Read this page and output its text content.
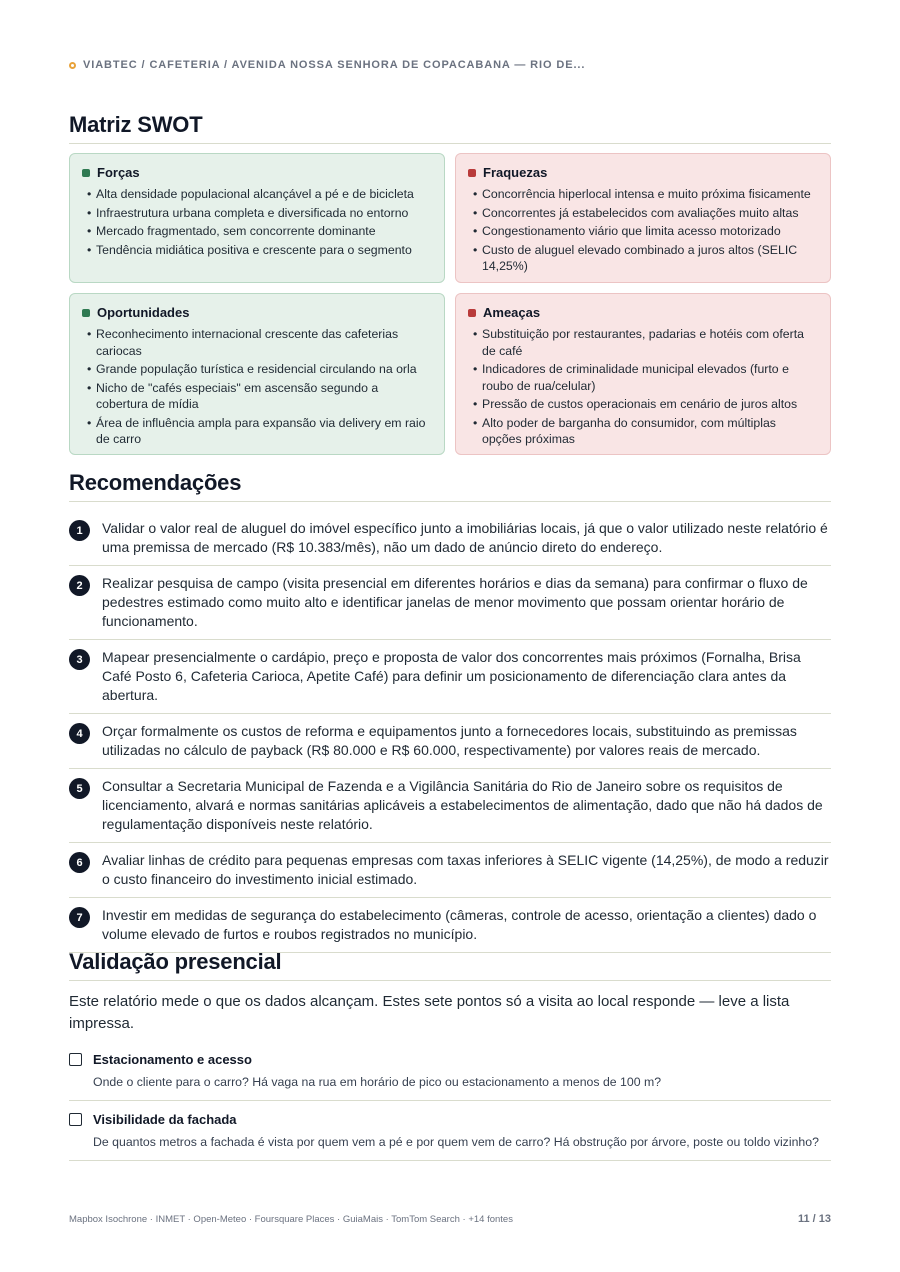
VIABTEC / CAFETERIA / AVENIDA NOSSA SENHORA DE COPACABANA — RIO DE...
Matriz SWOT
Forças
• Alta densidade populacional alcançável a pé e de bicicleta
• Infraestrutura urbana completa e diversificada no entorno
• Mercado fragmentado, sem concorrente dominante
• Tendência midiática positiva e crescente para o segmento
Fraquezas
• Concorrência hiperlocal intensa e muito próxima fisicamente
• Concorrentes já estabelecidos com avaliações muito altas
• Congestionamento viário que limita acesso motorizado
• Custo de aluguel elevado combinado a juros altos (SELIC 14,25%)
Oportunidades
• Reconhecimento internacional crescente das cafeterias cariocas
• Grande população turística e residencial circulando na orla
• Nicho de "cafés especiais" em ascensão segundo a cobertura de mídia
• Área de influência ampla para expansão via delivery em raio de carro
Ameaças
• Substituição por restaurantes, padarias e hotéis com oferta de café
• Indicadores de criminalidade municipal elevados (furto e roubo de rua/celular)
• Pressão de custos operacionais em cenário de juros altos
• Alto poder de barganha do consumidor, com múltiplas opções próximas
Recomendações
1	Validar o valor real de aluguel do imóvel específico junto a imobiliárias locais, já que o valor utilizado neste relatório é uma premissa de mercado (R$ 10.383/mês), não um dado de anúncio direto do endereço.
2	Realizar pesquisa de campo (visita presencial em diferentes horários e dias da semana) para confirmar o fluxo de pedestres estimado como muito alto e identificar janelas de menor movimento que possam orientar horário de funcionamento.
3	Mapear presencialmente o cardápio, preço e proposta de valor dos concorrentes mais próximos (Fornalha, Brisa Café Posto 6, Cafeteria Carioca, Apetite Café) para definir um posicionamento de diferenciação clara antes da abertura.
4	Orçar formalmente os custos de reforma e equipamentos junto a fornecedores locais, substituindo as premissas utilizadas no cálculo de payback (R$ 80.000 e R$ 60.000, respectivamente) por valores reais de mercado.
5	Consultar a Secretaria Municipal de Fazenda e a Vigilância Sanitária do Rio de Janeiro sobre os requisitos de licenciamento, alvará e normas sanitárias aplicáveis a estabelecimentos de alimentação, dado que não há dados de regulamentação disponíveis neste relatório.
6	Avaliar linhas de crédito para pequenas empresas com taxas inferiores à SELIC vigente (14,25%), de modo a reduzir o custo financeiro do investimento inicial estimado.
7	Investir em medidas de segurança do estabelecimento (câmeras, controle de acesso, orientação a clientes) dado o volume elevado de furtos e roubos registrados no município.
Validação presencial

Este relatório mede o que os dados alcançam. Estes sete pontos só a visita ao local responde — leve a lista impressa.

Estacionamento e acesso
Onde o cliente para o carro? Há vaga na rua em horário de pico ou estacionamento a menos de 100 m?
Visibilidade da fachada
De quantos metros a fachada é vista por quem vem a pé e por quem vem de carro? Há obstrução por árvore, poste ou toldo vizinho?
Mapbox Isochrone · INMET · Open-Meteo · Foursquare Places · GuiaMais · TomTom Search · +14 fontes	11 / 13
